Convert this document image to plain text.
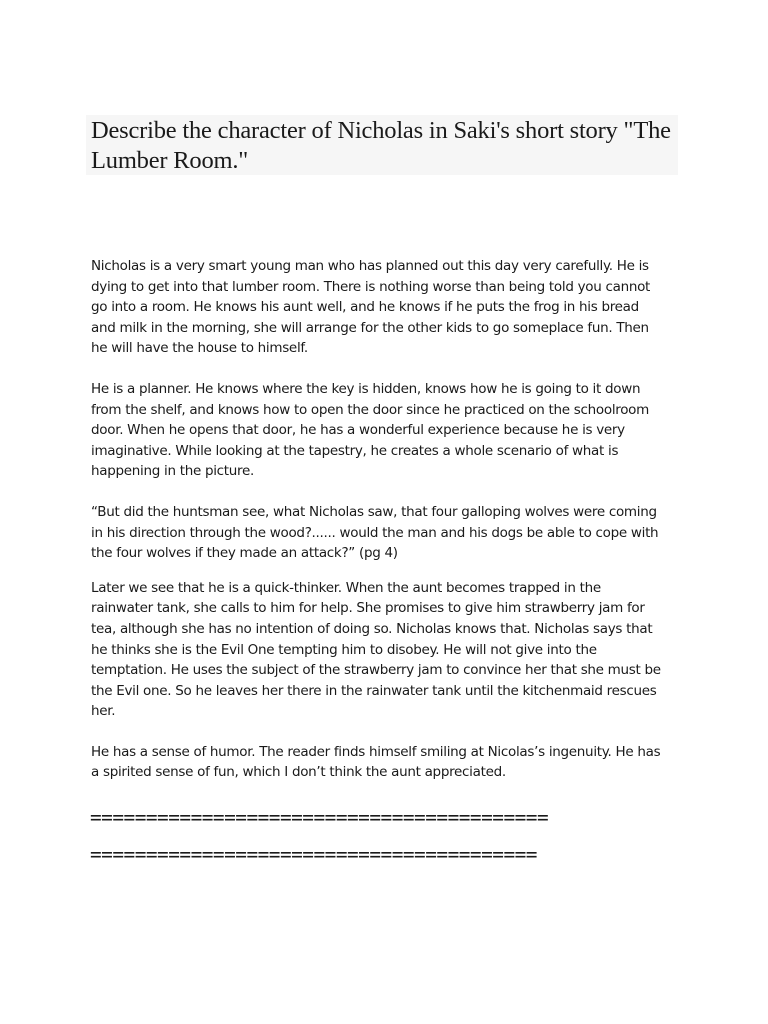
Describe the character of Nicholas in Saki's short story "The Lumber Room."

Nicholas is a very smart young man who has planned out this day very carefully. He is
dying to get into that lumber room. There is nothing worse than being told you cannot
go into a room. He knows his aunt well, and he knows if he puts the frog in his bread
and milk in the morning, she will arrange for the other kids to go someplace fun. Then
he will have the house to himself.

He is a planner. He knows where the key is hidden, knows how he is going to it down
from the shelf, and knows how to open the door since he practiced on the schoolroom
door. When he opens that door, he has a wonderful experience because he is very
imaginative. While looking at the tapestry, he creates a whole scenario of what is
happening in the picture.

“But did the huntsman see, what Nicholas saw, that four galloping wolves were coming
in his direction through the wood?...... would the man and his dogs be able to cope with
the four wolves if they made an attack?” (pg 4)

Later we see that he is a quick-thinker. When the aunt becomes trapped in the
rainwater tank, she calls to him for help. She promises to give him strawberry jam for
tea, although she has no intention of doing so. Nicholas knows that. Nicholas says that
he thinks she is the Evil One tempting him to disobey. He will not give into the
temptation. He uses the subject of the strawberry jam to convince her that she must be
the Evil one. So he leaves her there in the rainwater tank until the kitchenmaid rescues
her.

He has a sense of humor. The reader finds himself smiling at Nicolas’s ingenuity. He has
a spirited sense of fun, which I don’t think the aunt appreciated.

=========================================
========================================
